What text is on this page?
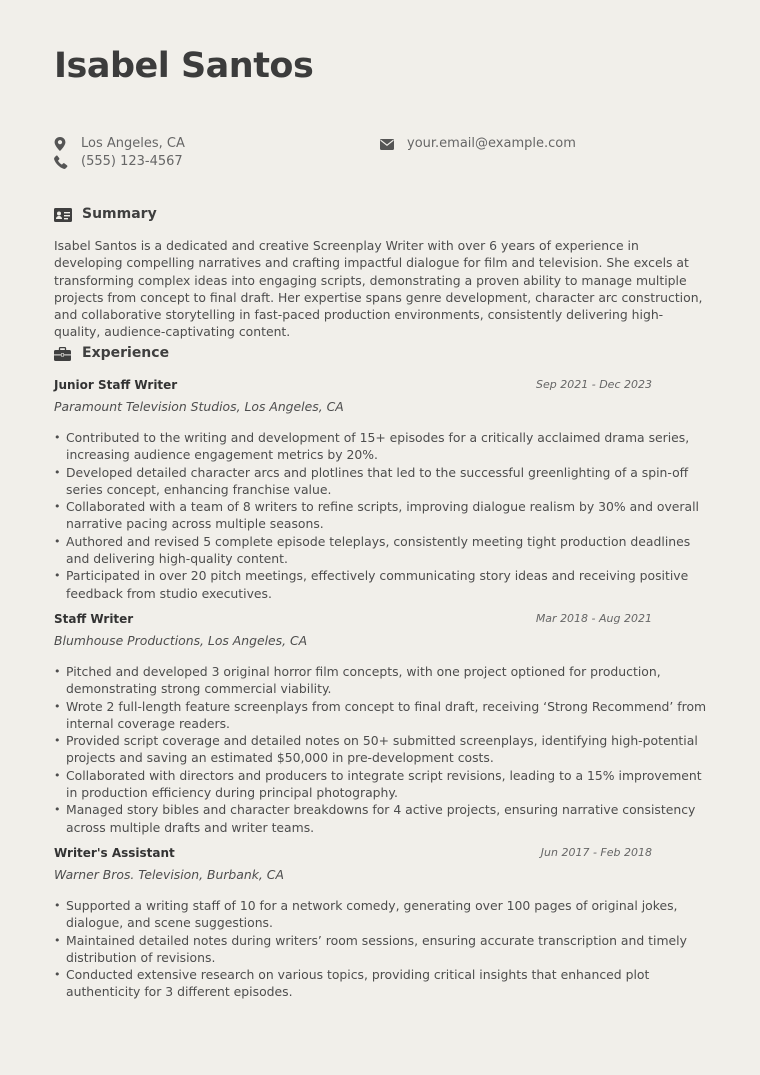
Isabel Santos
Los Angeles, CA
(555) 123-4567
your.email@example.com
Summary

Isabel Santos is a dedicated and creative Screenplay Writer with over 6 years of experience in developing compelling narratives and crafting impactful dialogue for film and television. She excels at transforming complex ideas into engaging scripts, demonstrating a proven ability to manage multiple projects from concept to final draft. Her expertise spans genre development, character arc construction, and collaborative storytelling in fast-paced production environments, consistently delivering high-quality, audience-captivating content.

Experience
Junior Staff Writer	Sep 2021 - Dec 2023
Paramount Television Studios, Los Angeles, CA
• Contributed to the writing and development of 15+ episodes for a critically acclaimed drama series, increasing audience engagement metrics by 20%.
• Developed detailed character arcs and plotlines that led to the successful greenlighting of a spin-off series concept, enhancing franchise value.
• Collaborated with a team of 8 writers to refine scripts, improving dialogue realism by 30% and overall narrative pacing across multiple seasons.
• Authored and revised 5 complete episode teleplays, consistently meeting tight production deadlines and delivering high-quality content.
• Participated in over 20 pitch meetings, effectively communicating story ideas and receiving positive feedback from studio executives.
Staff Writer	Mar 2018 - Aug 2021
Blumhouse Productions, Los Angeles, CA
• Pitched and developed 3 original horror film concepts, with one project optioned for production, demonstrating strong commercial viability.
• Wrote 2 full-length feature screenplays from concept to final draft, receiving ‘Strong Recommend’ from internal coverage readers.
• Provided script coverage and detailed notes on 50+ submitted screenplays, identifying high-potential projects and saving an estimated $50,000 in pre-development costs.
• Collaborated with directors and producers to integrate script revisions, leading to a 15% improvement in production efficiency during principal photography.
• Managed story bibles and character breakdowns for 4 active projects, ensuring narrative consistency across multiple drafts and writer teams.
Writer's Assistant	Jun 2017 - Feb 2018
Warner Bros. Television, Burbank, CA
• Supported a writing staff of 10 for a network comedy, generating over 100 pages of original jokes, dialogue, and scene suggestions.
• Maintained detailed notes during writers’ room sessions, ensuring accurate transcription and timely distribution of revisions.
• Conducted extensive research on various topics, providing critical insights that enhanced plot authenticity for 3 different episodes.
